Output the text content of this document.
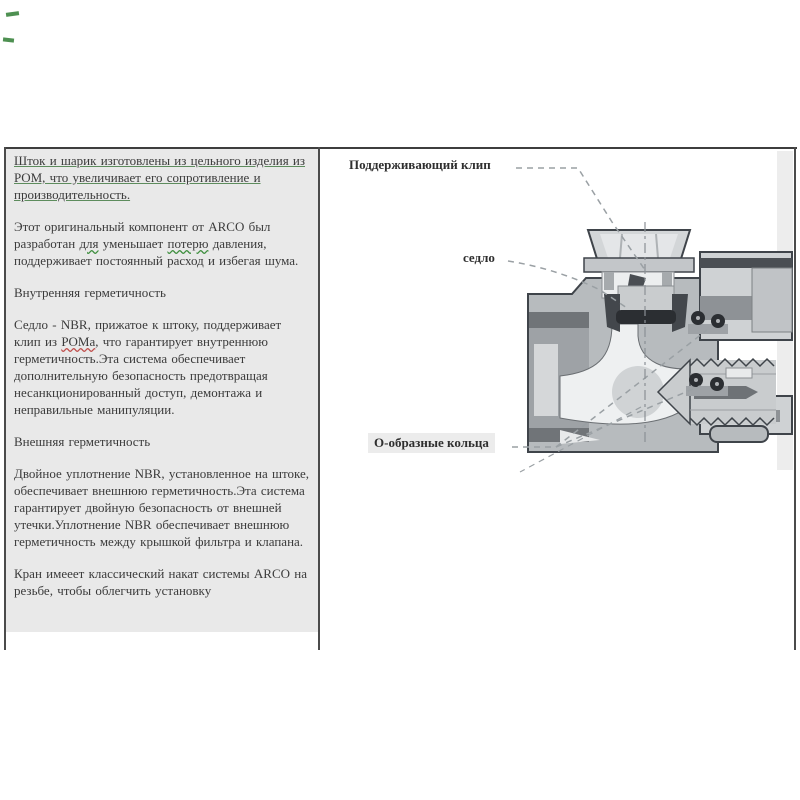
Шток и шарик изготовлены из цельного изделия из POM, что увеличивает его сопротивление и производительность.

Этот оригинальный компонент от ARCO был разработан для уменьшает потерю давления, поддерживает постоянный расход и избегая шума.

Внутренняя герметичность

Седло - NBR, прижатое к штоку, поддерживает клип из POMа, что гарантирует внутреннюю герметичность.Эта система обеспечивает дополнительную безопасность предотвращая несанкционированный доступ, демонтажа и неправильные манипуляции.

Внешняя герметичность

Двойное уплотнение NBR, установленное на штоке, обеспечивает внешнюю герметичность.Эта система гарантирует двойную безопасность от внешней утечки.Уплотнение NBR обеспечивает внешнюю герметичность между крышкой фильтра и клапана.

Кран имееет классический накат системы ARCO на резьбе, чтобы облегчить установку

Поддерживающий клип
седло
О-образные кольца
